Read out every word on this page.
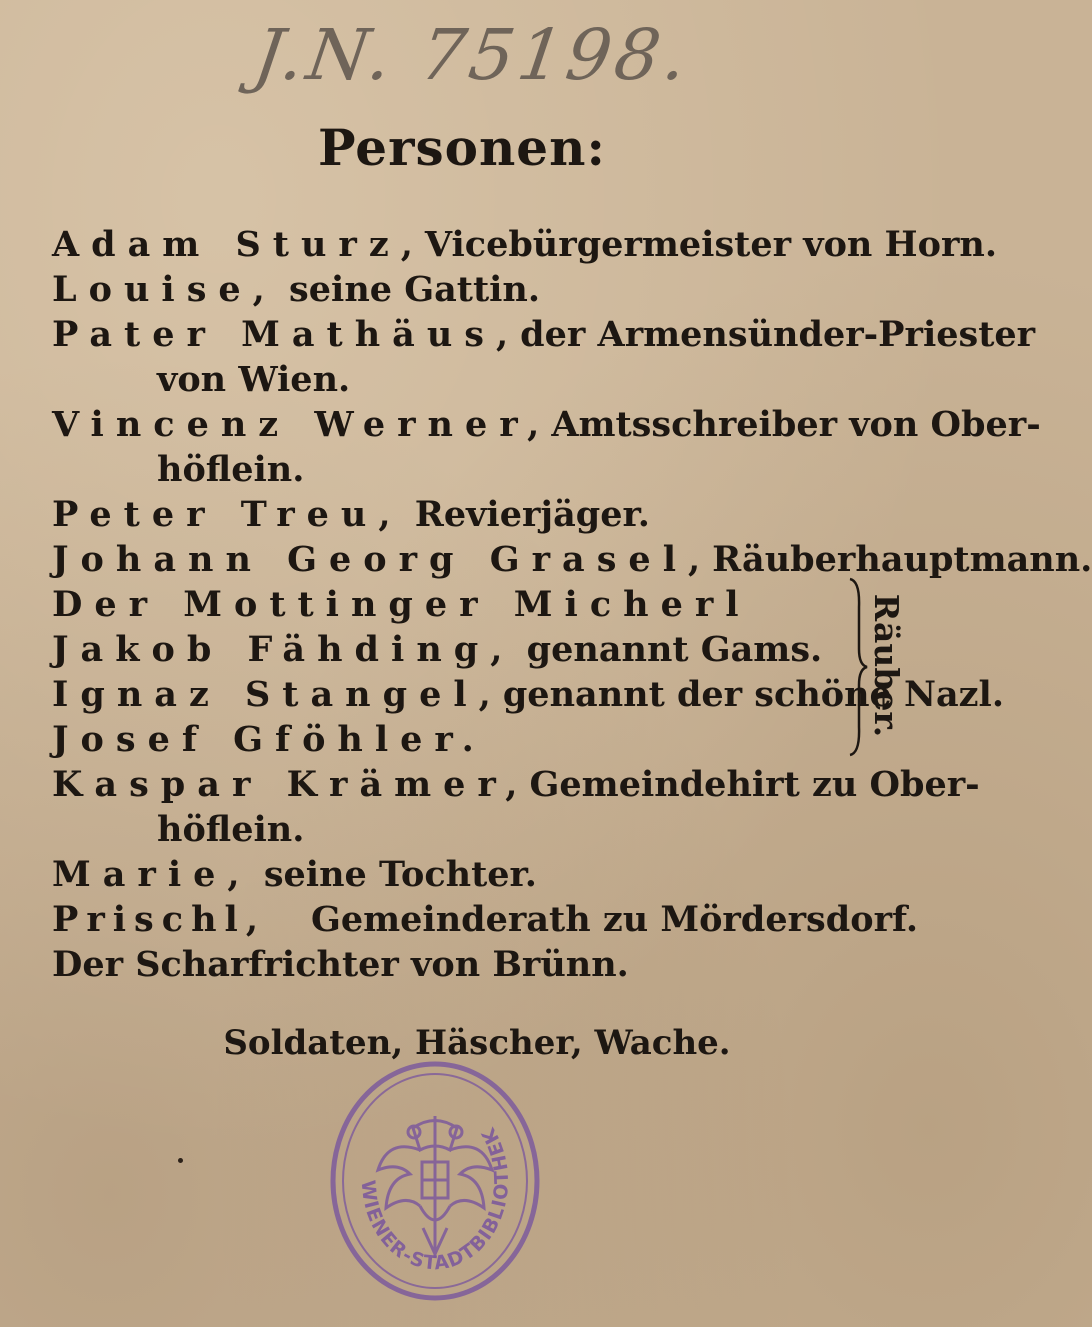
J.N. 75198.
Personen:
Adam Sturz, Vicebürgermeister von Horn.
Louise, seine Gattin.
Pater Mathäus, der Armensünder-Priester
von Wien.
Vincenz Werner, Amtsschreiber von Ober-
höflein.
Peter Treu, Revierjäger.
Johann Georg Grasel, Räuberhauptmann.
Der Mottinger Micherl
Jakob Fähding, genannt Gams.
Ignaz Stangel, genannt der schöne Nazl.
Josef Gföhler.
Kaspar Krämer, Gemeindehirt zu Ober-
höflein.
Marie, seine Tochter.
Prischl, Gemeinderath zu Mördersdorf.
Der Scharfrichter von Brünn.
Räuber.
Soldaten, Häscher, Wache.
WIENER-STADTBIBLIOTHEK
